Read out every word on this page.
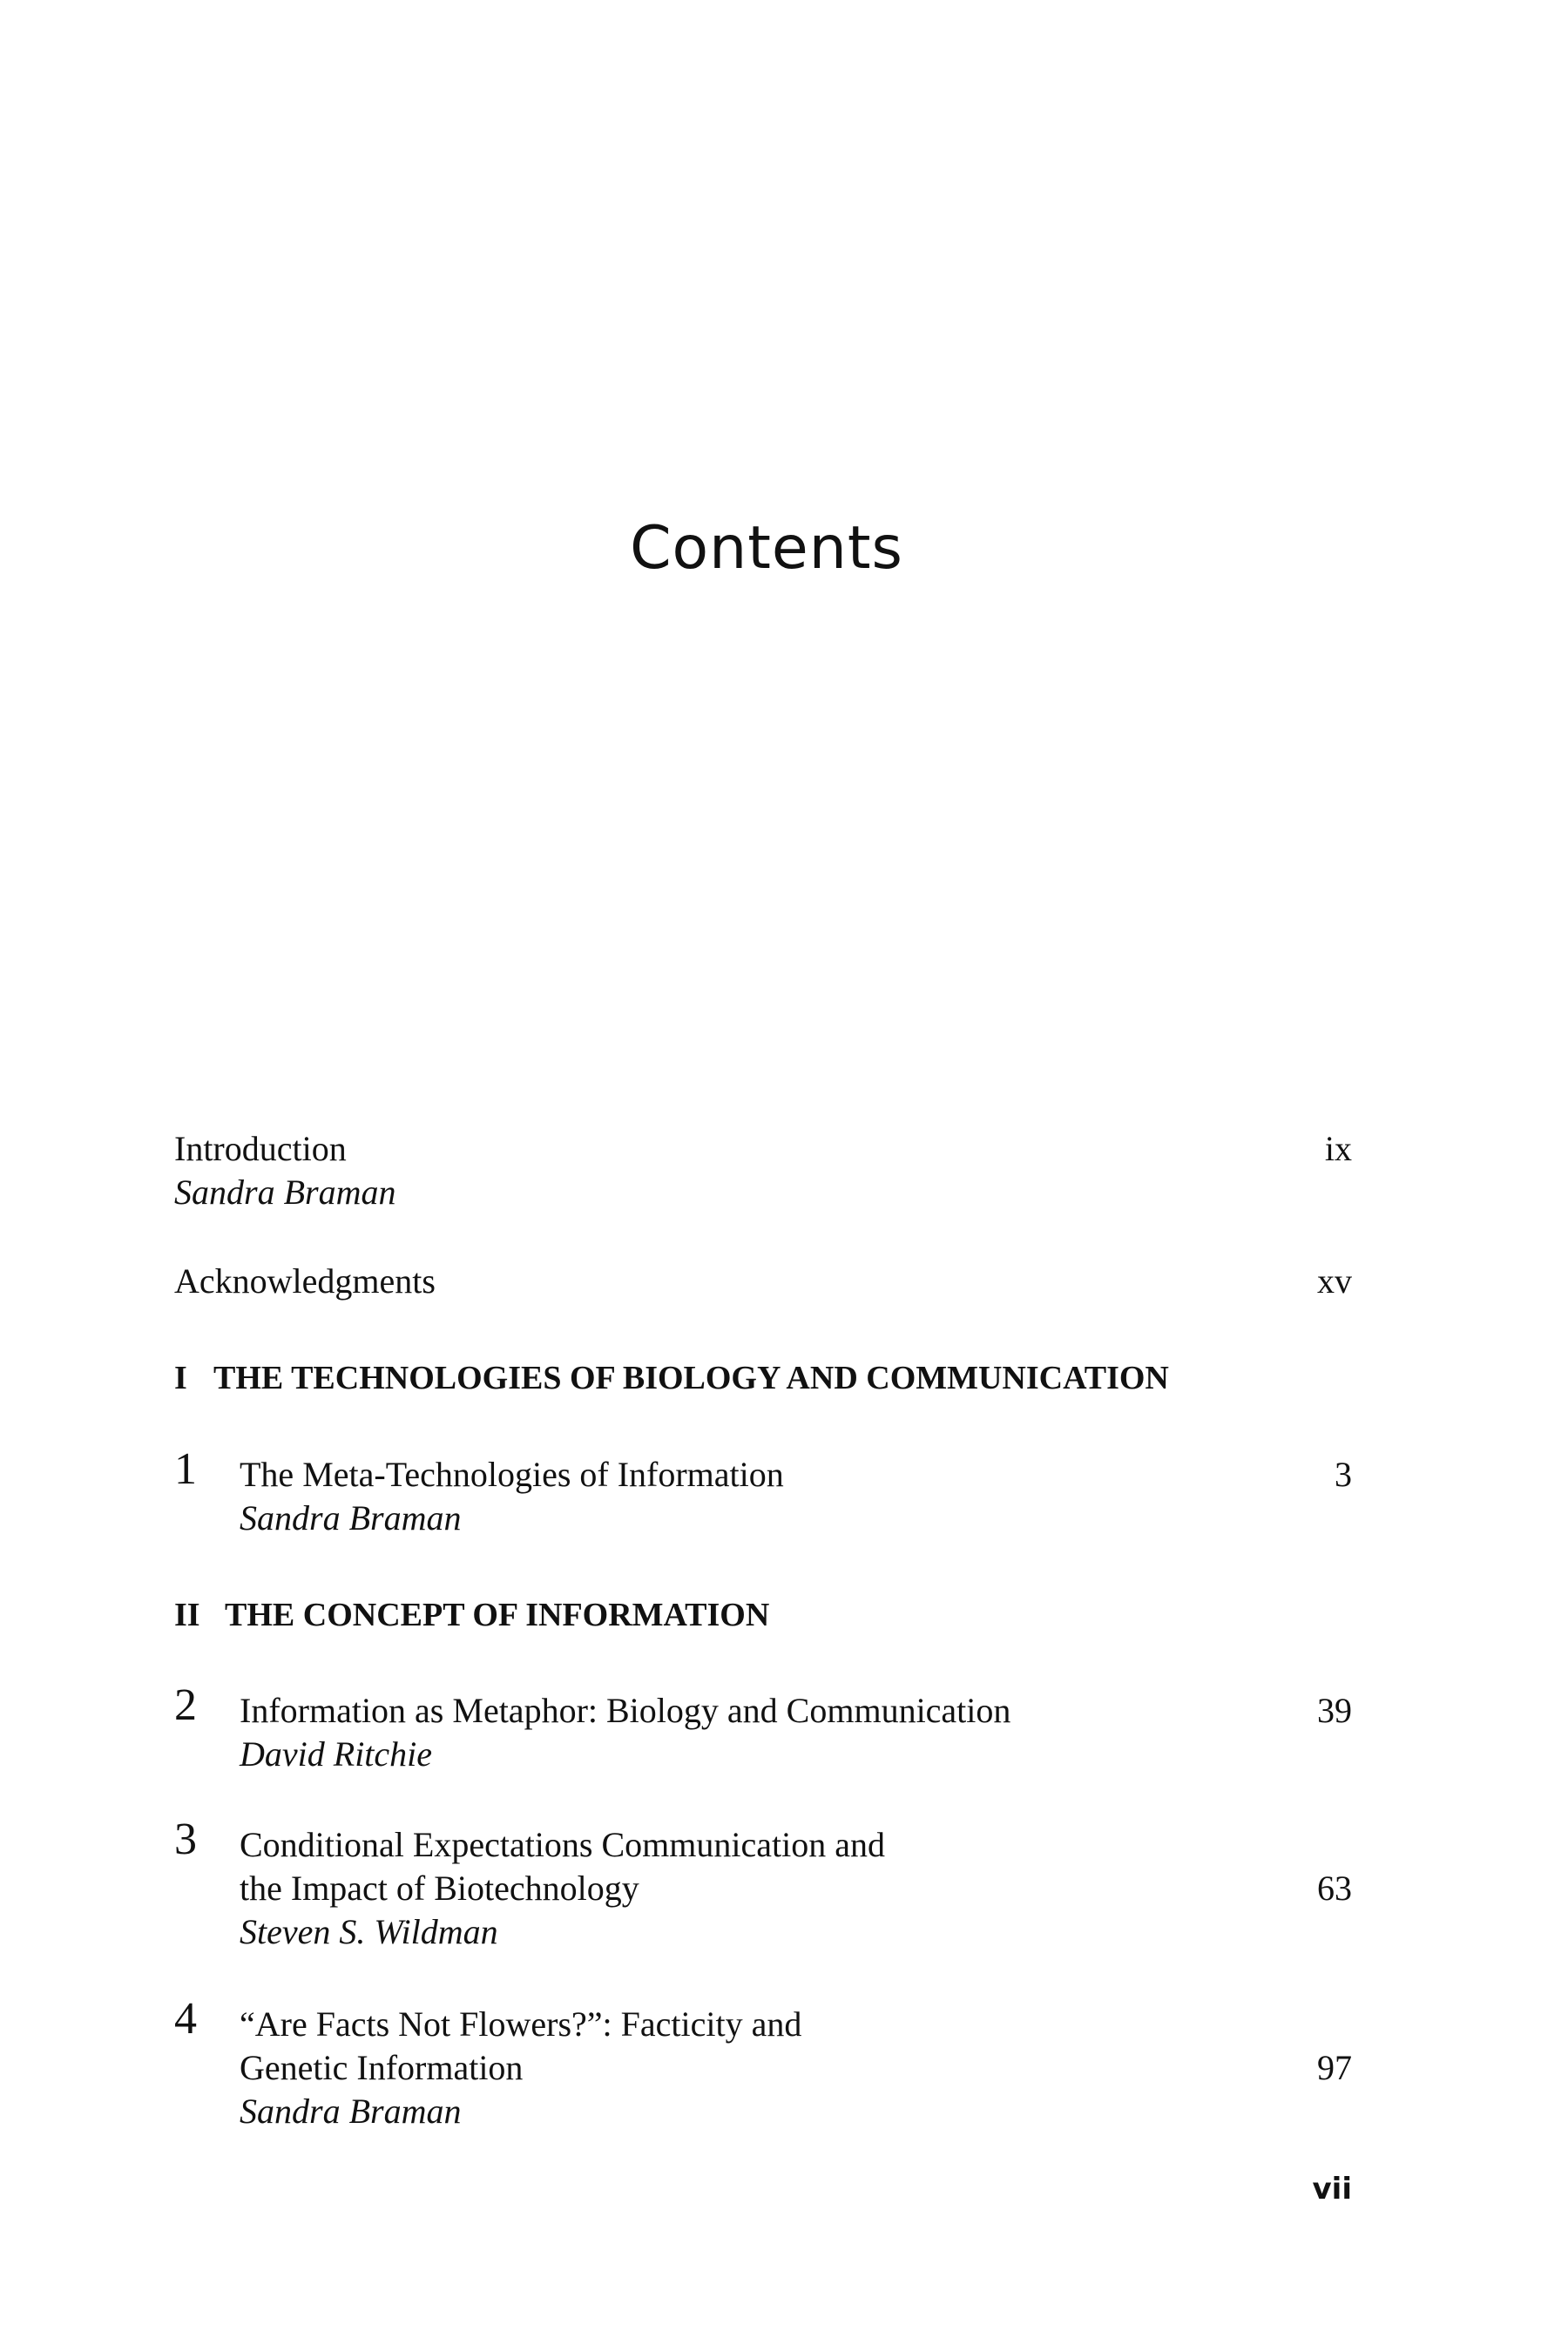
Contents
Introduction	ix
Sandra Braman
Acknowledgments	xv
I THE TECHNOLOGIES OF BIOLOGY AND COMMUNICATION
1 The Meta-Technologies of Information	3
Sandra Braman
II THE CONCEPT OF INFORMATION
2 Information as Metaphor: Biology and Communication	39
David Ritchie
3 Conditional Expectations Communication and
the Impact of Biotechnology	63
Steven S. Wildman
4 “Are Facts Not Flowers?”: Facticity and
Genetic Information	97
Sandra Braman
vii
